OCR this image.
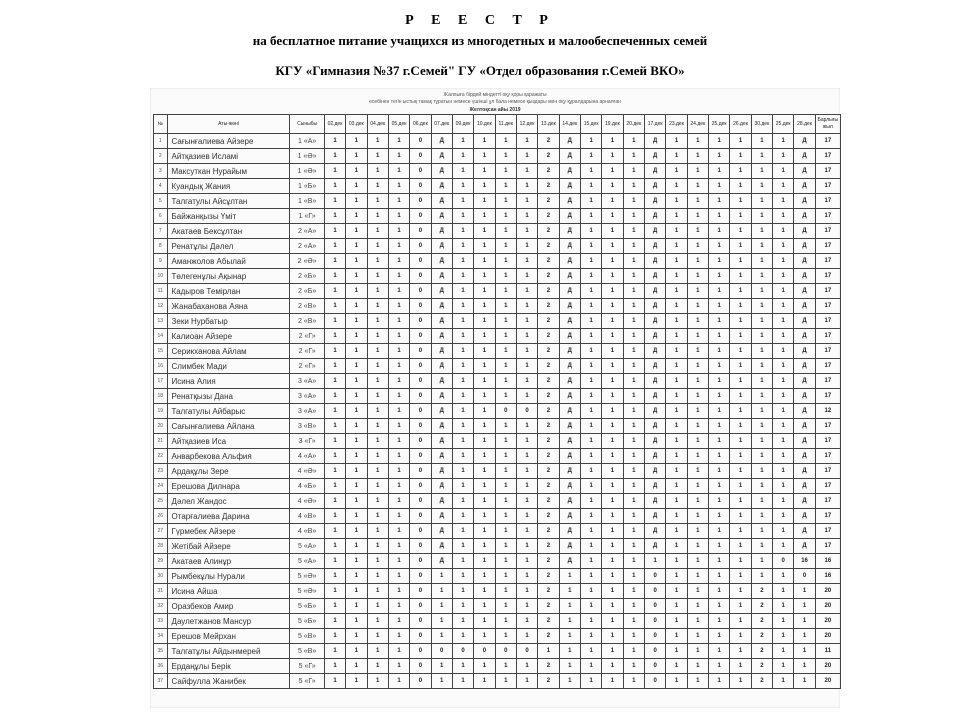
Р Е Е С Т Р
на бесплатное питание учащихся из многодетных и малообеспеченных семей
КГУ «Гимназия №37 г.Семей" ГУ «Отдел образования г.Семей ВКО»
Жалпыға бірдей міндетті оқу қоры қаражаты
есебінен тегін ыстық тамақ тұратын немесе үшінші ұл бала немесе қыздары мен оқу құралдарына арналған
Желтоқсан айы 2019
№	Аты-жөні	Сыныбы	02.дек	03.дек	04.дек	05.дек	06.дек	07.дек	09.дек	10.дек	11.дек	12.дек	13.дек	14.дек	15.дек	19.дек	20.дек	17.дек	23.дек	24.дек	25.дек	26.дек	30.дек	25.дек	28.дек	Барлығы жыл
1	Сағынғалиева Айзере	1 «А»	1	1	1	1	0	Д	1	1	1	1	2	Д	1	1	1	Д	1	1	1	1	1	1	Д	17
2	Айтқазиев Исламі	1 «Ә»	1	1	1	1	0	Д	1	1	1	1	2	Д	1	1	1	Д	1	1	1	1	1	1	Д	17
3	Максуткан Нурайым	1 «Ә»	1	1	1	1	0	Д	1	1	1	1	2	Д	1	1	1	Д	1	1	1	1	1	1	Д	17
4	Куандық Жания	1 «Б»	1	1	1	1	0	Д	1	1	1	1	2	Д	1	1	1	Д	1	1	1	1	1	1	Д	17
5	Талгатулы Айсұлтан	1 «В»	1	1	1	1	0	Д	1	1	1	1	2	Д	1	1	1	Д	1	1	1	1	1	1	Д	17
6	Байжанқызы Үміт	1 «Г»	1	1	1	1	0	Д	1	1	1	1	2	Д	1	1	1	Д	1	1	1	1	1	1	Д	17
7	Акатаев Бексұлтан	2 «А»	1	1	1	1	0	Д	1	1	1	1	2	Д	1	1	1	Д	1	1	1	1	1	1	Д	17
8	Ренатұлы Дәлел	2 «А»	1	1	1	1	0	Д	1	1	1	1	2	Д	1	1	1	Д	1	1	1	1	1	1	Д	17
9	Аманжолов Абылай	2 «Ә»	1	1	1	1	0	Д	1	1	1	1	2	Д	1	1	1	Д	1	1	1	1	1	1	Д	17
10	Төлегенұлы Ақынар	2 «Б»	1	1	1	1	0	Д	1	1	1	1	2	Д	1	1	1	Д	1	1	1	1	1	1	Д	17
11	Кадыров Темірлан	2 «Б»	1	1	1	1	0	Д	1	1	1	1	2	Д	1	1	1	Д	1	1	1	1	1	1	Д	17
12	Жанабаханова Аяна	2 «В»	1	1	1	1	0	Д	1	1	1	1	2	Д	1	1	1	Д	1	1	1	1	1	1	Д	17
13	Зеки Нурбатыр	2 «В»	1	1	1	1	0	Д	1	1	1	1	2	Д	1	1	1	Д	1	1	1	1	1	1	Д	17
14	Калиоан Айзере	2 «Г»	1	1	1	1	0	Д	1	1	1	1	2	Д	1	1	1	Д	1	1	1	1	1	1	Д	17
15	Серикханова Айлам	2 «Г»	1	1	1	1	0	Д	1	1	1	1	2	Д	1	1	1	Д	1	1	1	1	1	1	Д	17
16	Слимбек Мади	2 «Г»	1	1	1	1	0	Д	1	1	1	1	2	Д	1	1	1	Д	1	1	1	1	1	1	Д	17
17	Исина Алия	3 «А»	1	1	1	1	0	Д	1	1	1	1	2	Д	1	1	1	Д	1	1	1	1	1	1	Д	17
18	Ренатқызы Дана	3 «А»	1	1	1	1	0	Д	1	1	1	1	2	Д	1	1	1	Д	1	1	1	1	1	1	Д	17
19	Талгатулы Айбарыс	3 «А»	1	1	1	1	0	Д	1	1	0	0	2	Д	1	1	1	Д	1	1	1	1	1	1	Д	12
20	Сағынғалиева Айлана	3 «В»	1	1	1	1	0	Д	1	1	1	1	2	Д	1	1	1	Д	1	1	1	1	1	1	Д	17
21	Айтқазиев Иса	3 «Г»	1	1	1	1	0	Д	1	1	1	1	2	Д	1	1	1	Д	1	1	1	1	1	1	Д	17
22	Анварбекова Альфия	4 «А»	1	1	1	1	0	Д	1	1	1	1	2	Д	1	1	1	Д	1	1	1	1	1	1	Д	17
23	Ардақұлы Зере	4 «Ә»	1	1	1	1	0	Д	1	1	1	1	2	Д	1	1	1	Д	1	1	1	1	1	1	Д	17
24	Ерешова Дилнара	4 «Б»	1	1	1	1	0	Д	1	1	1	1	2	Д	1	1	1	Д	1	1	1	1	1	1	Д	17
25	Дәлел Жандос	4 «Ә»	1	1	1	1	0	Д	1	1	1	1	2	Д	1	1	1	Д	1	1	1	1	1	1	Д	17
26	Отарғалиева Дарина	4 «В»	1	1	1	1	0	Д	1	1	1	1	2	Д	1	1	1	Д	1	1	1	1	1	1	Д	17
27	Гүрмебек Айзере	4 «В»	1	1	1	1	0	Д	1	1	1	1	2	Д	1	1	1	Д	1	1	1	1	1	1	Д	17
28	Жетібай Айзере	5 «А»	1	1	1	1	0	Д	1	1	1	1	2	Д	1	1	1	Д	1	1	1	1	1	1	Д	17
29	Акатаев Алинұр	5 «А»	1	1	1	1	0	Д	1	1	1	1	2	Д	1	1	1	1	1	1	1	1	1	0	16	16
30	Рымбекұлы Нурали	5 «Ә»	1	1	1	1	0	1	1	1	1	1	2	1	1	1	1	0	1	1	1	1	1	1	0	16
31	Исина Айша	5 «Ә»	1	1	1	1	0	1	1	1	1	1	2	1	1	1	1	0	1	1	1	1	2	1	1	20
32	Оразбеков Амир	5 «Б»	1	1	1	1	0	1	1	1	1	1	2	1	1	1	1	0	1	1	1	1	2	1	1	20
33	Даулетжанов Мансур	5 «Б»	1	1	1	1	0	1	1	1	1	1	2	1	1	1	1	0	1	1	1	1	2	1	1	20
34	Ерешов Мейрхан	5 «В»	1	1	1	1	0	1	1	1	1	1	2	1	1	1	1	0	1	1	1	1	2	1	1	20
35	Талгатұлы Айдынмерей	5 «В»	1	1	1	1	0	0	0	0	0	0	1	1	1	1	1	0	1	1	1	1	2	1	1	11
36	Ердаңұлы Берік	5 «Г»	1	1	1	1	0	1	1	1	1	1	2	1	1	1	1	0	1	1	1	1	2	1	1	20
37	Сайфулла Жанибек	5 «Г»	1	1	1	1	0	1	1	1	1	1	2	1	1	1	1	0	1	1	1	1	2	1	1	20
